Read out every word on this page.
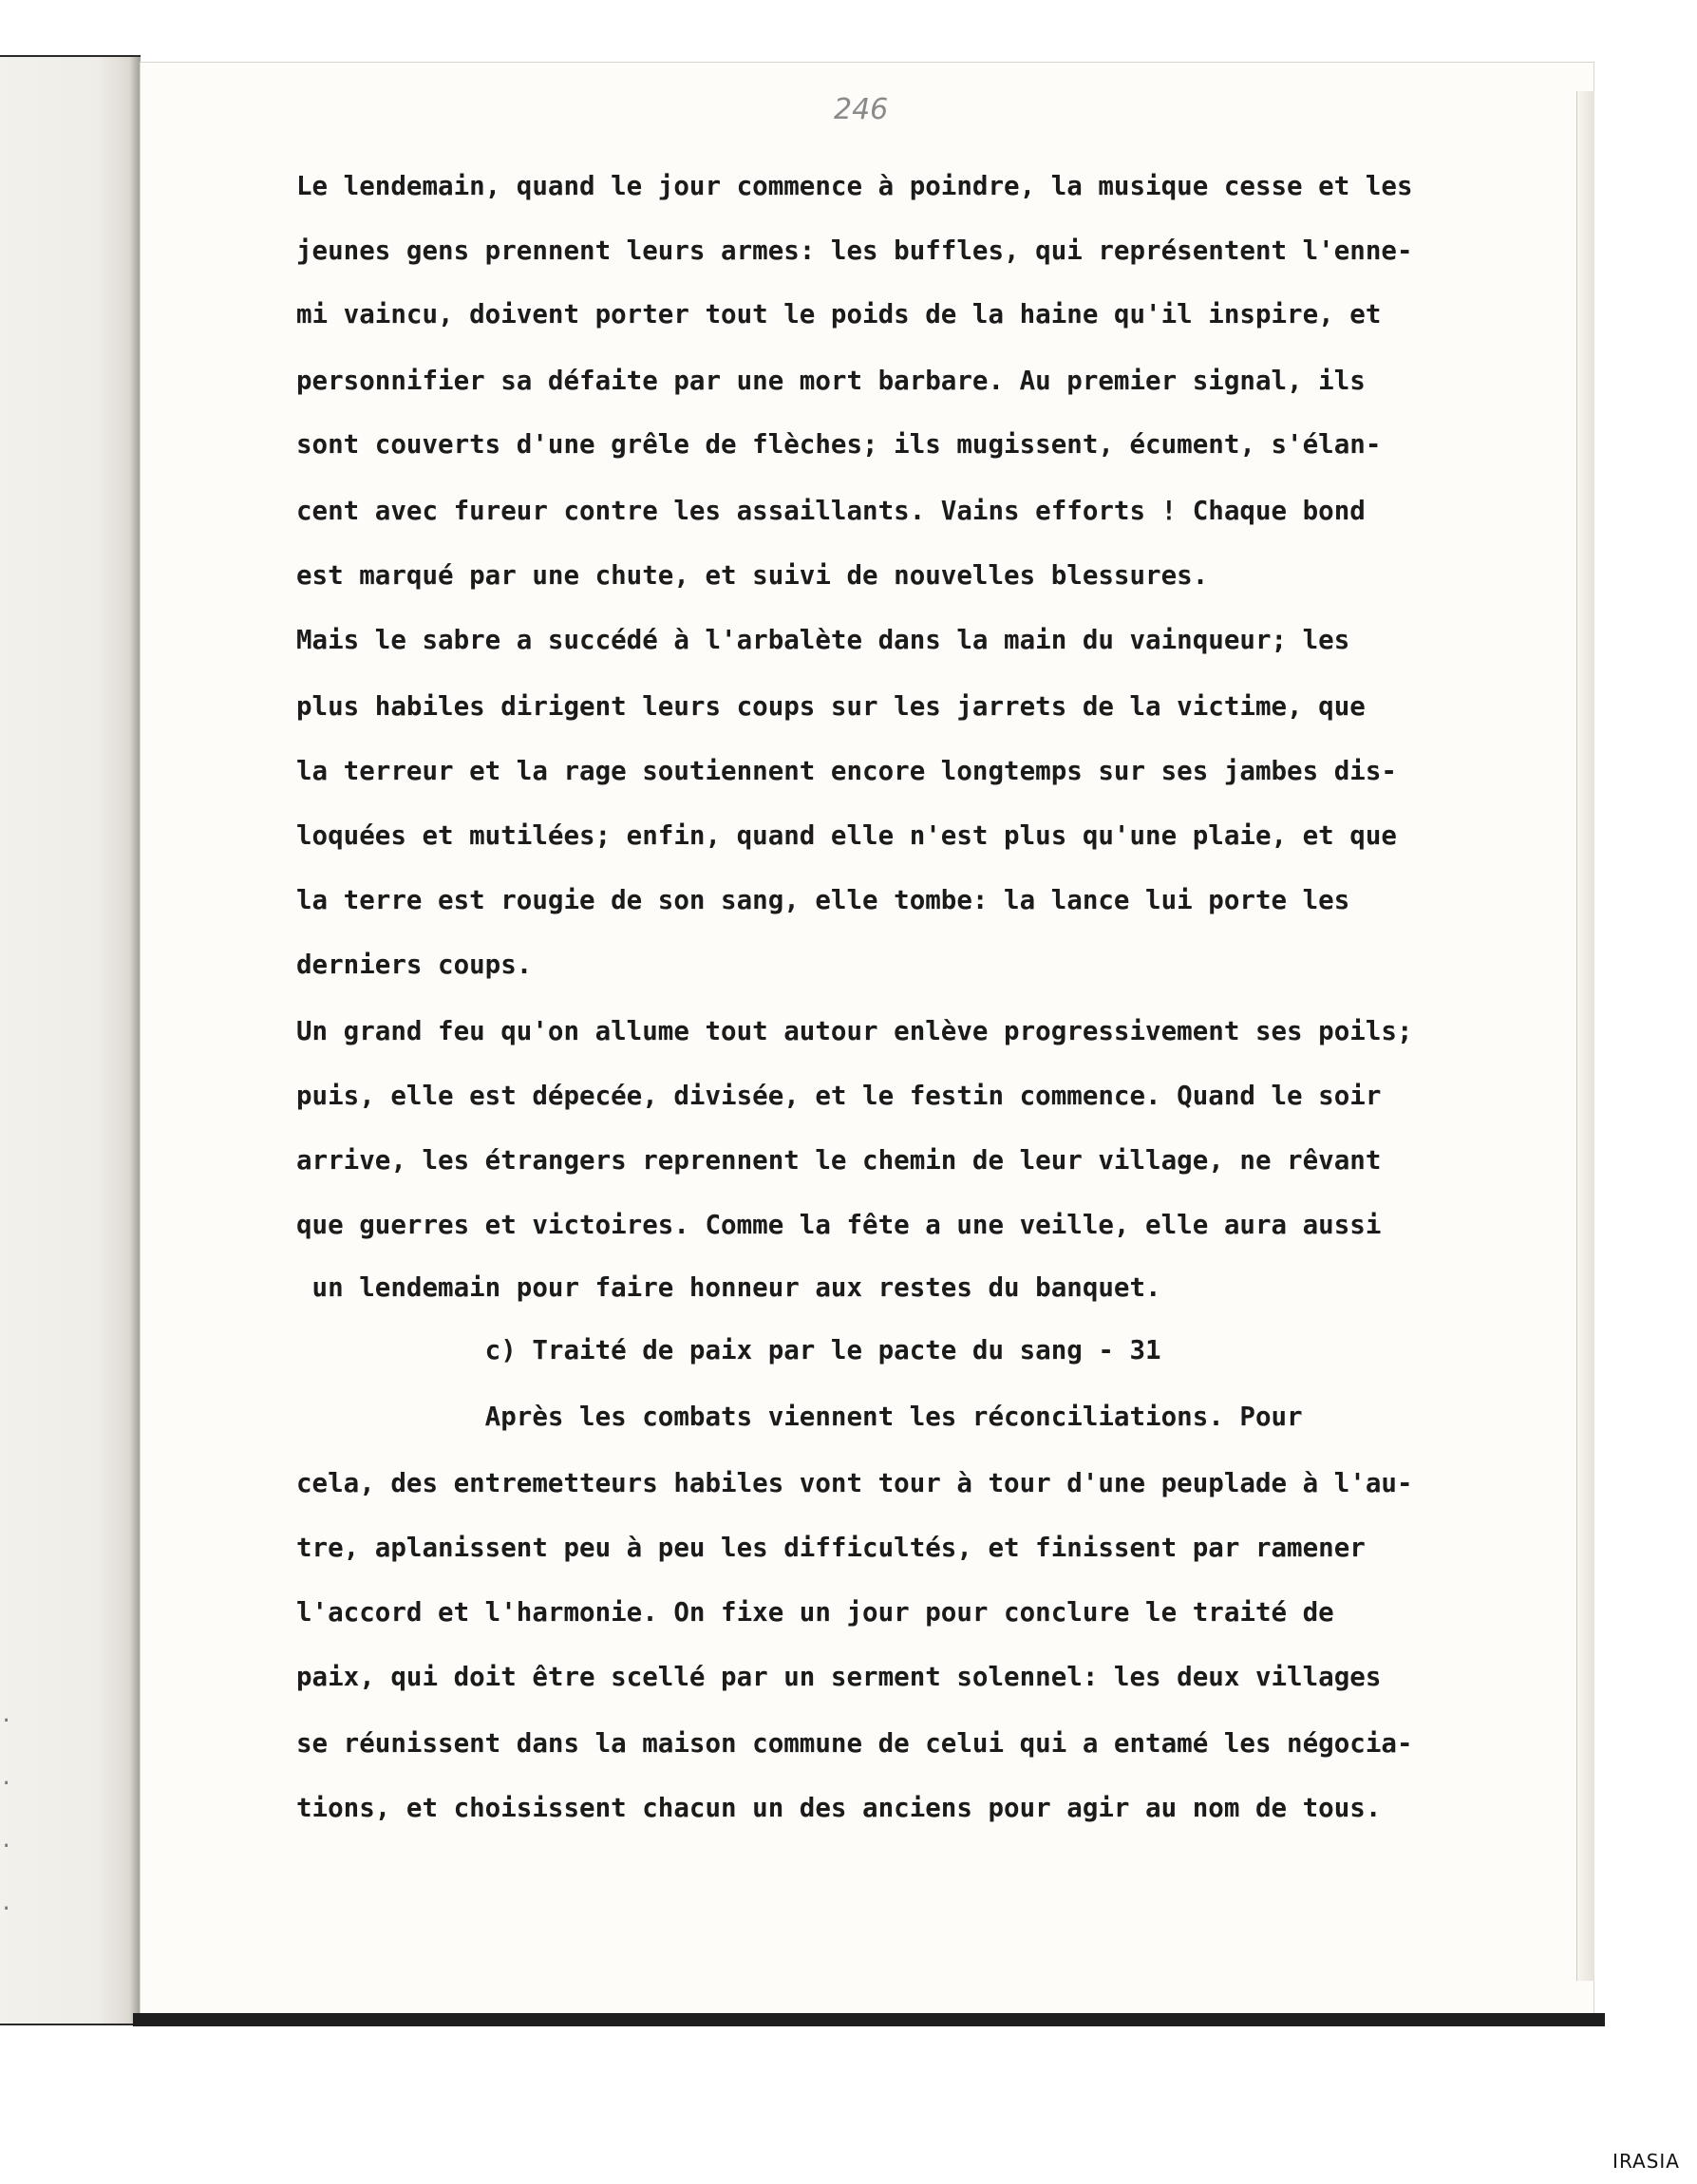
·
·
·
·
246
Le lendemain, quand le jour commence à poindre, la musique cesse et les
jeunes gens prennent leurs armes: les buffles, qui représentent l'enne-
mi vaincu, doivent porter tout le poids de la haine qu'il inspire, et
personnifier sa défaite par une mort barbare. Au premier signal, ils
sont couverts d'une grêle de flèches; ils mugissent, écument, s'élan-
cent avec fureur contre les assaillants. Vains efforts ! Chaque bond
est marqué par une chute, et suivi de nouvelles blessures.
Mais le sabre a succédé à l'arbalète dans la main du vainqueur; les
plus habiles dirigent leurs coups sur les jarrets de la victime, que
la terreur et la rage soutiennent encore longtemps sur ses jambes dis-
loquées et mutilées; enfin, quand elle n'est plus qu'une plaie, et que
la terre est rougie de son sang, elle tombe: la lance lui porte les
derniers coups.
Un grand feu qu'on allume tout autour enlève progressivement ses poils;
puis, elle est dépecée, divisée, et le festin commence. Quand le soir
arrive, les étrangers reprennent le chemin de leur village, ne rêvant
que guerres et victoires. Comme la fête a une veille, elle aura aussi
un lendemain pour faire honneur aux restes du banquet.
c) Traité de paix par le pacte du sang - 31
Après les combats viennent les réconciliations. Pour
cela, des entremetteurs habiles vont tour à tour d'une peuplade à l'au-
tre, aplanissent peu à peu les difficultés, et finissent par ramener
l'accord et l'harmonie. On fixe un jour pour conclure le traité de
paix, qui doit être scellé par un serment solennel: les deux villages
se réunissent dans la maison commune de celui qui a entamé les négocia-
tions, et choisissent chacun un des anciens pour agir au nom de tous.
IRASIA
